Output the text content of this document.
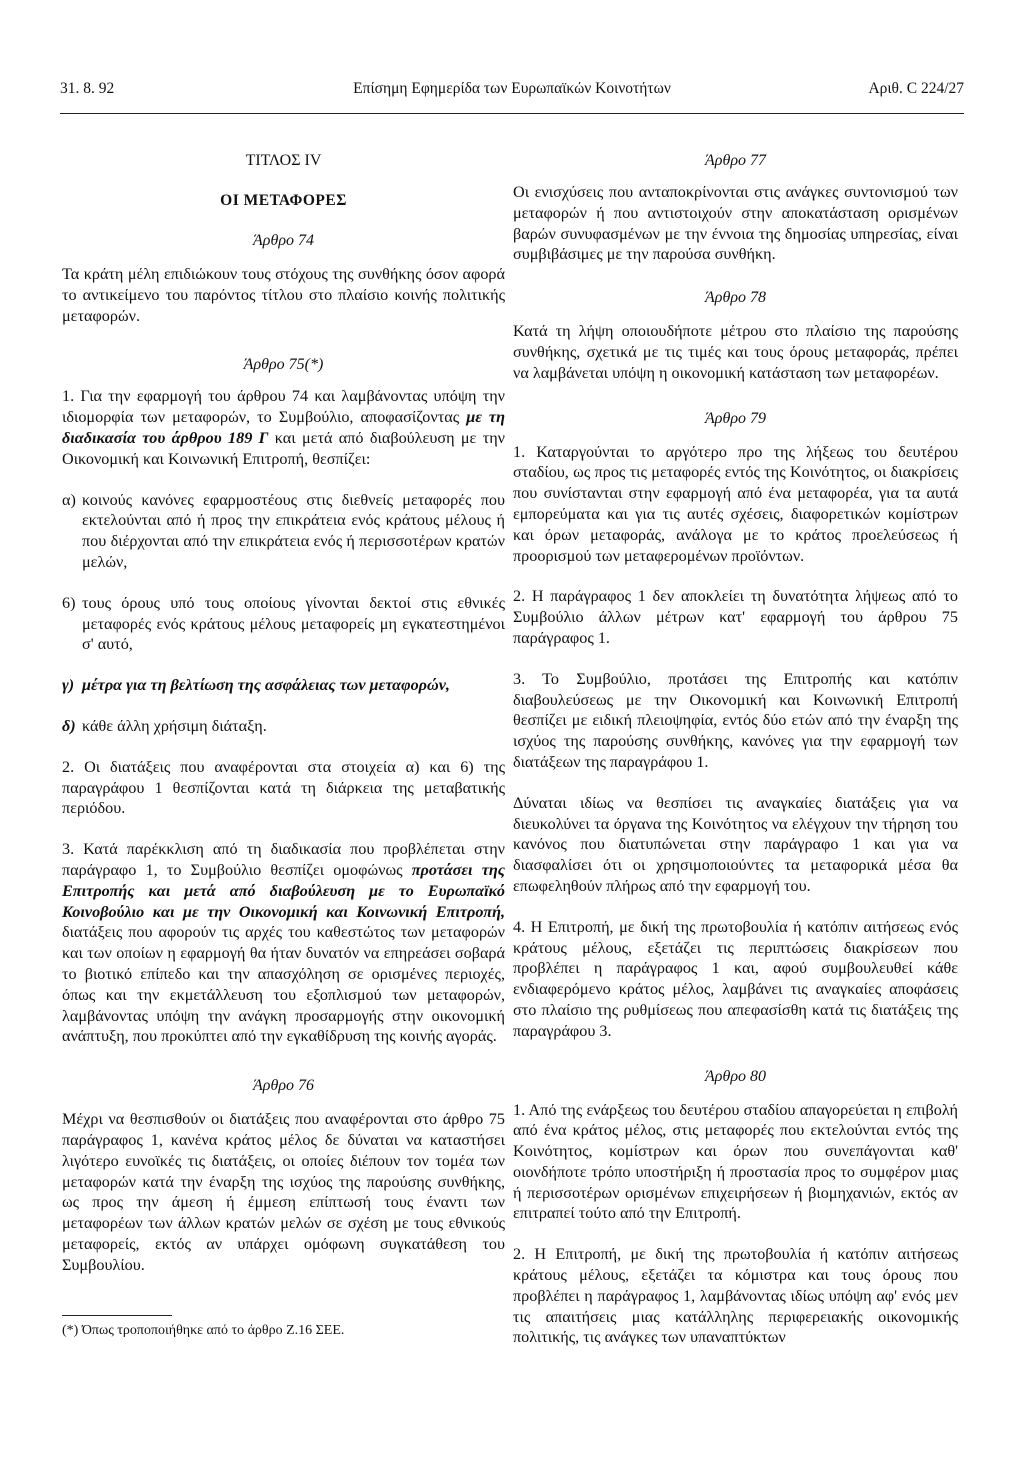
31. 8. 92	Επίσημη Εφημερίδα των Ευρωπαϊκών Κοινοτήτων	Αριθ. C 224/27

ΤΙΤΛΟΣ IV

ΟΙ ΜΕΤΑΦΟΡΕΣ

Άρθρο 74

Τα κράτη μέλη επιδιώκουν τους στόχους της συνθήκης όσον αφορά το αντικείμενο του παρόντος τίτλου στο πλαίσιο κοινής πολιτικής μεταφορών.

Άρθρο 75(*)

1. Για την εφαρμογή του άρθρου 74 και λαμβάνοντας υπόψη την ιδιομορφία των μεταφορών, το Συμβούλιο, αποφασίζοντας με τη διαδικασία του άρθρου 189 Γ και μετά από διαβούλευση με την Οικονομική και Κοινωνική Επιτροπή, θεσπίζει:

α) κοινούς κανόνες εφαρμοστέους στις διεθνείς μεταφορές που εκτελούνται από ή προς την επικράτεια ενός κράτους μέλους ή που διέρχονται από την επικράτεια ενός ή περισσοτέρων κρατών μελών,
6) τους όρους υπό τους οποίους γίνονται δεκτοί στις εθνικές μεταφορές ενός κράτους μέλους μεταφορείς μη εγκατεστημένοι σ' αυτό,
γ) μέτρα για τη βελτίωση της ασφάλειας των μεταφορών,
δ) κάθε άλλη χρήσιμη διάταξη.

2. Οι διατάξεις που αναφέρονται στα στοιχεία α) και 6) της παραγράφου 1 θεσπίζονται κατά τη διάρκεια της μεταβατικής περιόδου.

3. Κατά παρέκκλιση από τη διαδικασία που προβλέπεται στην παράγραφο 1, το Συμβούλιο θεσπίζει ομοφώνως προτάσει της Επιτροπής και μετά από διαβούλευση με το Ευρωπαϊκό Κοινοβούλιο και με την Οικονομική και Κοινωνική Επιτροπή, διατάξεις που αφορούν τις αρχές του καθεστώτος των μεταφορών και των οποίων η εφαρμογή θα ήταν δυνατόν να επηρεάσει σοβαρά το βιοτικό επίπεδο και την απασχόληση σε ορισμένες περιοχές, όπως και την εκμετάλλευση του εξοπλισμού των μεταφορών, λαμβάνοντας υπόψη την ανάγκη προσαρμογής στην οικονομική ανάπτυξη, που προκύπτει από την εγκαθίδρυση της κοινής αγοράς.

Άρθρο 76

Μέχρι να θεσπισθούν οι διατάξεις που αναφέρονται στο άρθρο 75 παράγραφος 1, κανένα κράτος μέλος δε δύναται να καταστήσει λιγότερο ευνοϊκές τις διατάξεις, οι οποίες διέπουν τον τομέα των μεταφορών κατά την έναρξη της ισχύος της παρούσης συνθήκης, ως προς την άμεση ή έμμεση επίπτωσή τους έναντι των μεταφορέων των άλλων κρατών μελών σε σχέση με τους εθνικούς μεταφορείς, εκτός αν υπάρχει ομόφωνη συγκατάθεση του Συμβουλίου.

(*) Όπως τροποποιήθηκε από το άρθρο Ζ.16 ΣΕΕ.

Άρθρο 77

Οι ενισχύσεις που ανταποκρίνονται στις ανάγκες συντονισμού των μεταφορών ή που αντιστοιχούν στην αποκατάσταση ορισμένων βαρών συνυφασμένων με την έννοια της δημοσίας υπηρεσίας, είναι συμβιβάσιμες με την παρούσα συνθήκη.

Άρθρο 78

Κατά τη λήψη οποιουδήποτε μέτρου στο πλαίσιο της παρούσης συνθήκης, σχετικά με τις τιμές και τους όρους μεταφοράς, πρέπει να λαμβάνεται υπόψη η οικονομική κατάσταση των μεταφορέων.

Άρθρο 79

1. Καταργούνται το αργότερο προ της λήξεως του δευτέρου σταδίου, ως προς τις μεταφορές εντός της Κοινότητος, οι διακρίσεις που συνίστανται στην εφαρμογή από ένα μεταφορέα, για τα αυτά εμπορεύματα και για τις αυτές σχέσεις, διαφορετικών κομίστρων και όρων μεταφοράς, ανάλογα με το κράτος προελεύσεως ή προορισμού των μεταφερομένων προϊόντων.

2. Η παράγραφος 1 δεν αποκλείει τη δυνατότητα λήψεως από το Συμβούλιο άλλων μέτρων κατ' εφαρμογή του άρθρου 75 παράγραφος 1.

3. Το Συμβούλιο, προτάσει της Επιτροπής και κατόπιν διαβουλεύσεως με την Οικονομική και Κοινωνική Επιτροπή θεσπίζει με ειδική πλειοψηφία, εντός δύο ετών από την έναρξη της ισχύος της παρούσης συνθήκης, κανόνες για την εφαρμογή των διατάξεων της παραγράφου 1.

Δύναται ιδίως να θεσπίσει τις αναγκαίες διατάξεις για να διευκολύνει τα όργανα της Κοινότητος να ελέγχουν την τήρηση του κανόνος που διατυπώνεται στην παράγραφο 1 και για να διασφαλίσει ότι οι χρησιμοποιούντες τα μεταφορικά μέσα θα επωφεληθούν πλήρως από την εφαρμογή του.

4. Η Επιτροπή, με δική της πρωτοβουλία ή κατόπιν αιτήσεως ενός κράτους μέλους, εξετάζει τις περιπτώσεις διακρίσεων που προβλέπει η παράγραφος 1 και, αφού συμβουλευθεί κάθε ενδιαφερόμενο κράτος μέλος, λαμβάνει τις αναγκαίες αποφάσεις στο πλαίσιο της ρυθμίσεως που απεφασίσθη κατά τις διατάξεις της παραγράφου 3.

Άρθρο 80

1. Από της ενάρξεως του δευτέρου σταδίου απαγορεύεται η επιβολή από ένα κράτος μέλος, στις μεταφορές που εκτελούνται εντός της Κοινότητος, κομίστρων και όρων που συνεπάγονται καθ' οιονδήποτε τρόπο υποστήριξη ή προστασία προς το συμφέρον μιας ή περισσοτέρων ορισμένων επιχειρήσεων ή βιομηχανιών, εκτός αν επιτραπεί τούτο από την Επιτροπή.

2. Η Επιτροπή, με δική της πρωτοβουλία ή κατόπιν αιτήσεως κράτους μέλους, εξετάζει τα κόμιστρα και τους όρους που προβλέπει η παράγραφος 1, λαμβάνοντας ιδίως υπόψη αφ' ενός μεν τις απαιτήσεις μιας κατάλληλης περιφερειακής οικονομικής πολιτικής, τις ανάγκες των υπαναπτύκτων
